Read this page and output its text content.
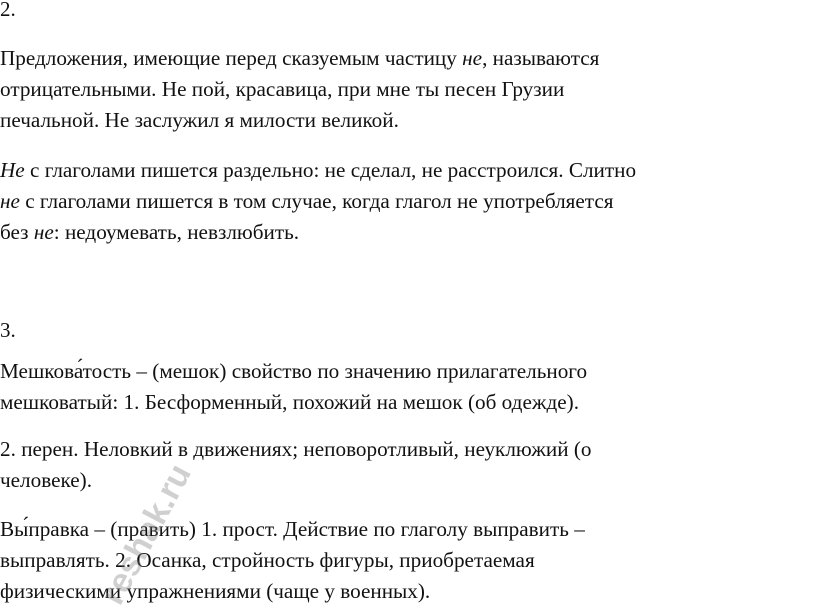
2.

Предложения, имеющие перед сказуемым частицу не, называются
отрицательными. Не пой, красавица, при мне ты песен Грузии
печальной. Не заслужил я милости великой.

Не с глаголами пишется раздельно: не сделал, не расстроился. Слитно
не с глаголами пишется в том случае, когда глагол не употребляется
без не: недоумевать, невзлюбить.

3.

Мешкова́тость – (мешок) свойство по значению прилагательного
мешковатый: 1. Бесформенный, похожий на мешок (об одежде).

2. перен. Неловкий в движениях; неповоротливый, неуклюжий (о
человеке).

Вы́правка – (править) 1. прост. Действие по глаголу выправить –
выправлять. 2. Осанка, стройность фигуры, приобретаемая
физическими упражнениями (чаще у военных).

reshak.ru
